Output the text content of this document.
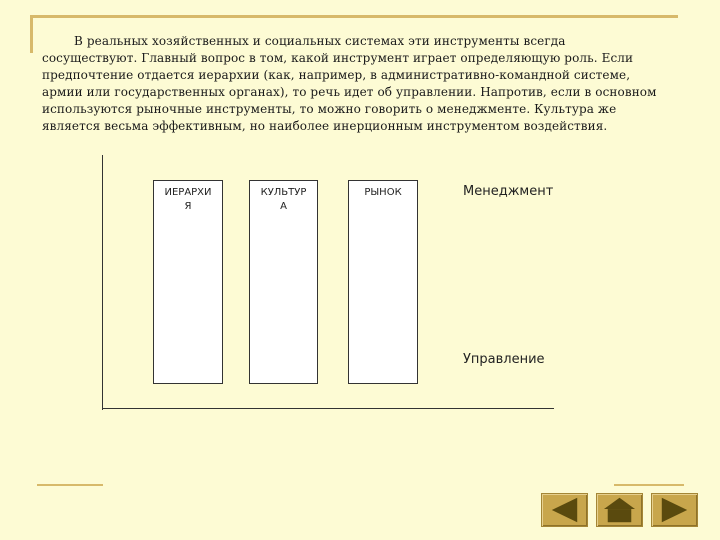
В реальных хозяйственных и социальных системах эти инструменты всегда сосуществуют. Главный вопрос в том, какой инструмент играет определяющую роль. Если предпочтение отдается иерархии (как, например, в административно-командной системе, армии или государственных органах), то речь идет об управлении. Напротив, если в основном используются рыночные инструменты, то можно говорить о менеджменте. Культура же является весьма эффективным, но наиболее инерционным инструментом воздействия.
ИЕРАРХИ
Я
КУЛЬТУР
А
РЫНОК	Менеджмент
Управление
